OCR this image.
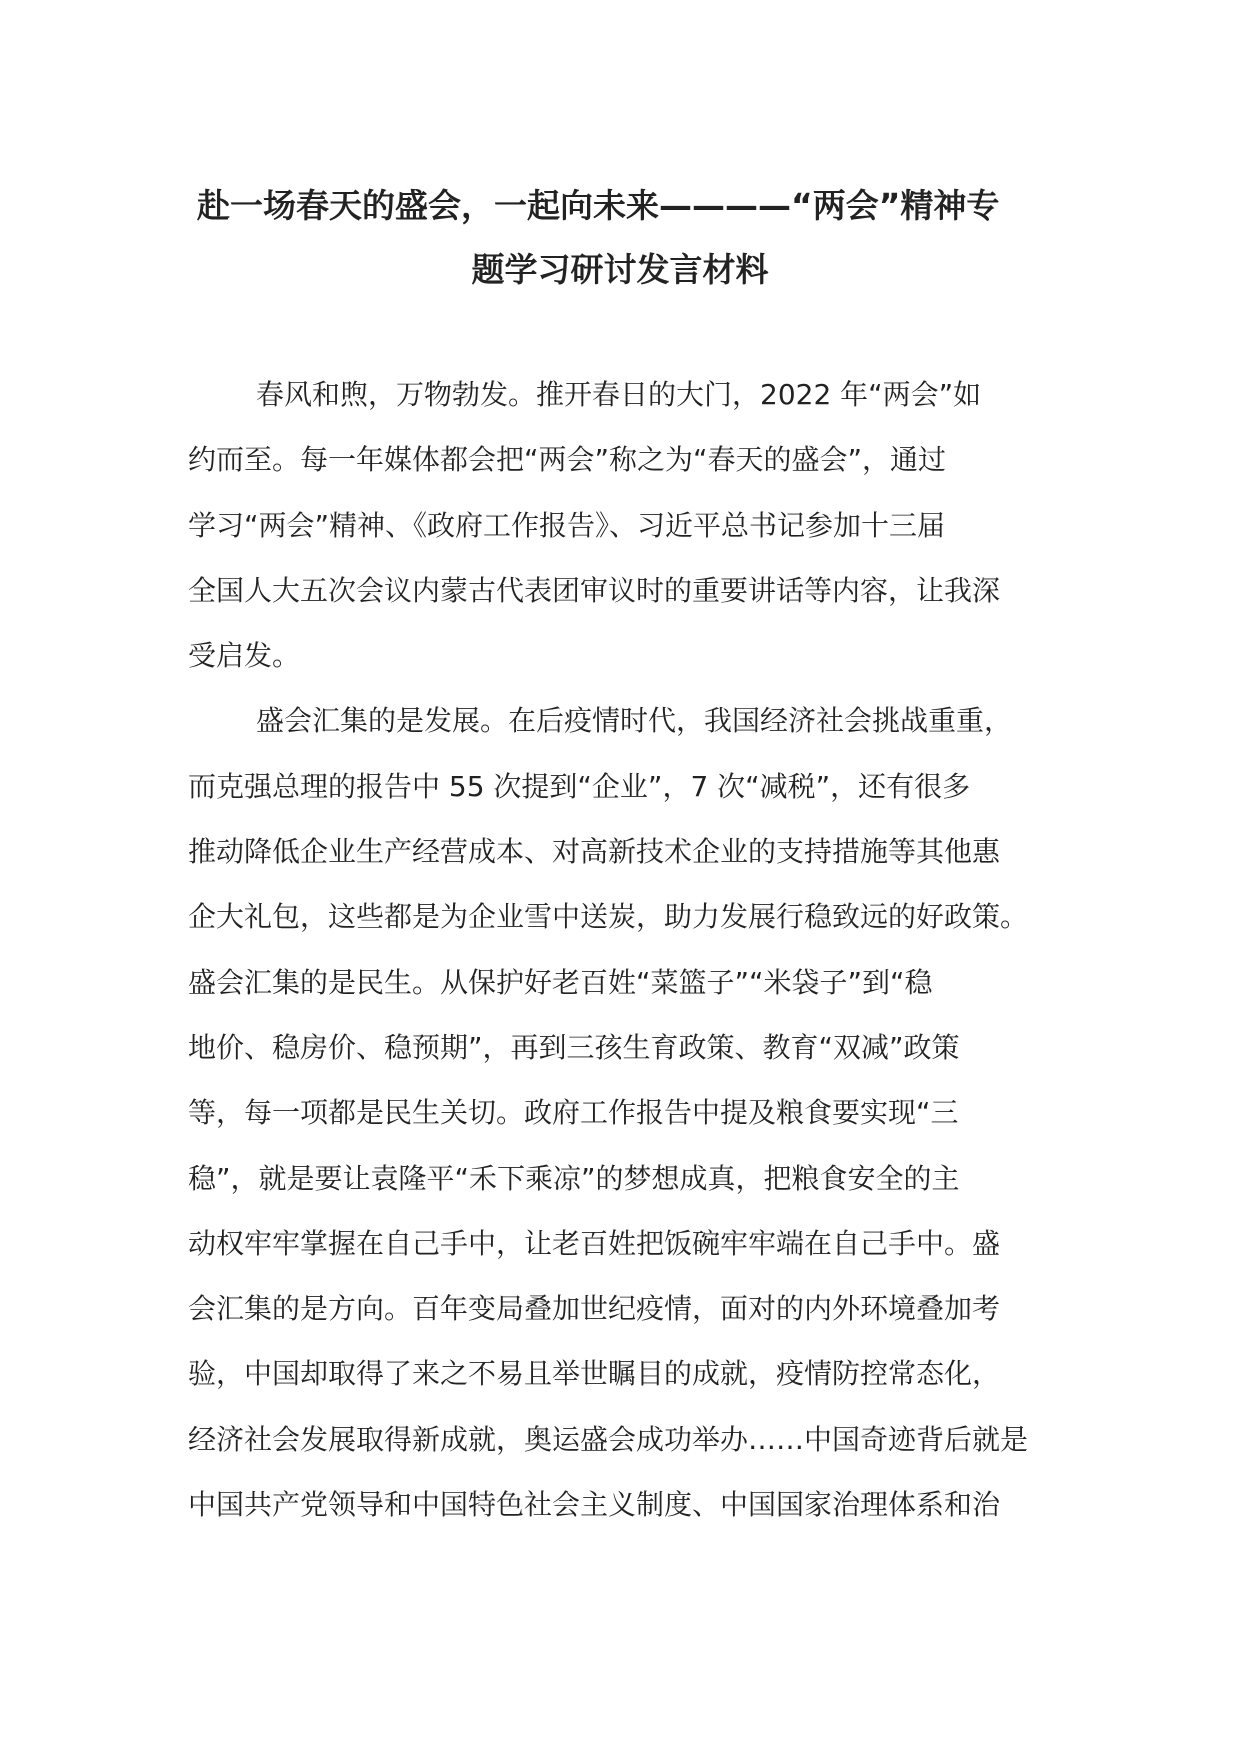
赴一场春天的盛会，一起向未来————“两会”精神专
题学习研讨发言材料
春风和煦，万物勃发。推开春日的大门，2022 年“两会”如
约而至。每一年媒体都会把“两会”称之为“春天的盛会”，通过
学习“两会”精神、《政府工作报告》、习近平总书记参加十三届
全国人大五次会议内蒙古代表团审议时的重要讲话等内容，让我深
受启发。
盛会汇集的是发展。在后疫情时代，我国经济社会挑战重重，
而克强总理的报告中 55 次提到“企业”，7 次“减税”，还有很多
推动降低企业生产经营成本、对高新技术企业的支持措施等其他惠
企大礼包，这些都是为企业雪中送炭，助力发展行稳致远的好政策。
盛会汇集的是民生。从保护好老百姓“菜篮子”“米袋子”到“稳
地价、稳房价、稳预期”，再到三孩生育政策、教育“双减”政策
等，每一项都是民生关切。政府工作报告中提及粮食要实现“三
稳”，就是要让袁隆平“禾下乘凉”的梦想成真，把粮食安全的主
动权牢牢掌握在自己手中，让老百姓把饭碗牢牢端在自己手中。盛
会汇集的是方向。百年变局叠加世纪疫情，面对的内外环境叠加考
验，中国却取得了来之不易且举世瞩目的成就，疫情防控常态化，
经济社会发展取得新成就，奥运盛会成功举办……中国奇迹背后就是
中国共产党领导和中国特色社会主义制度、中国国家治理体系和治
